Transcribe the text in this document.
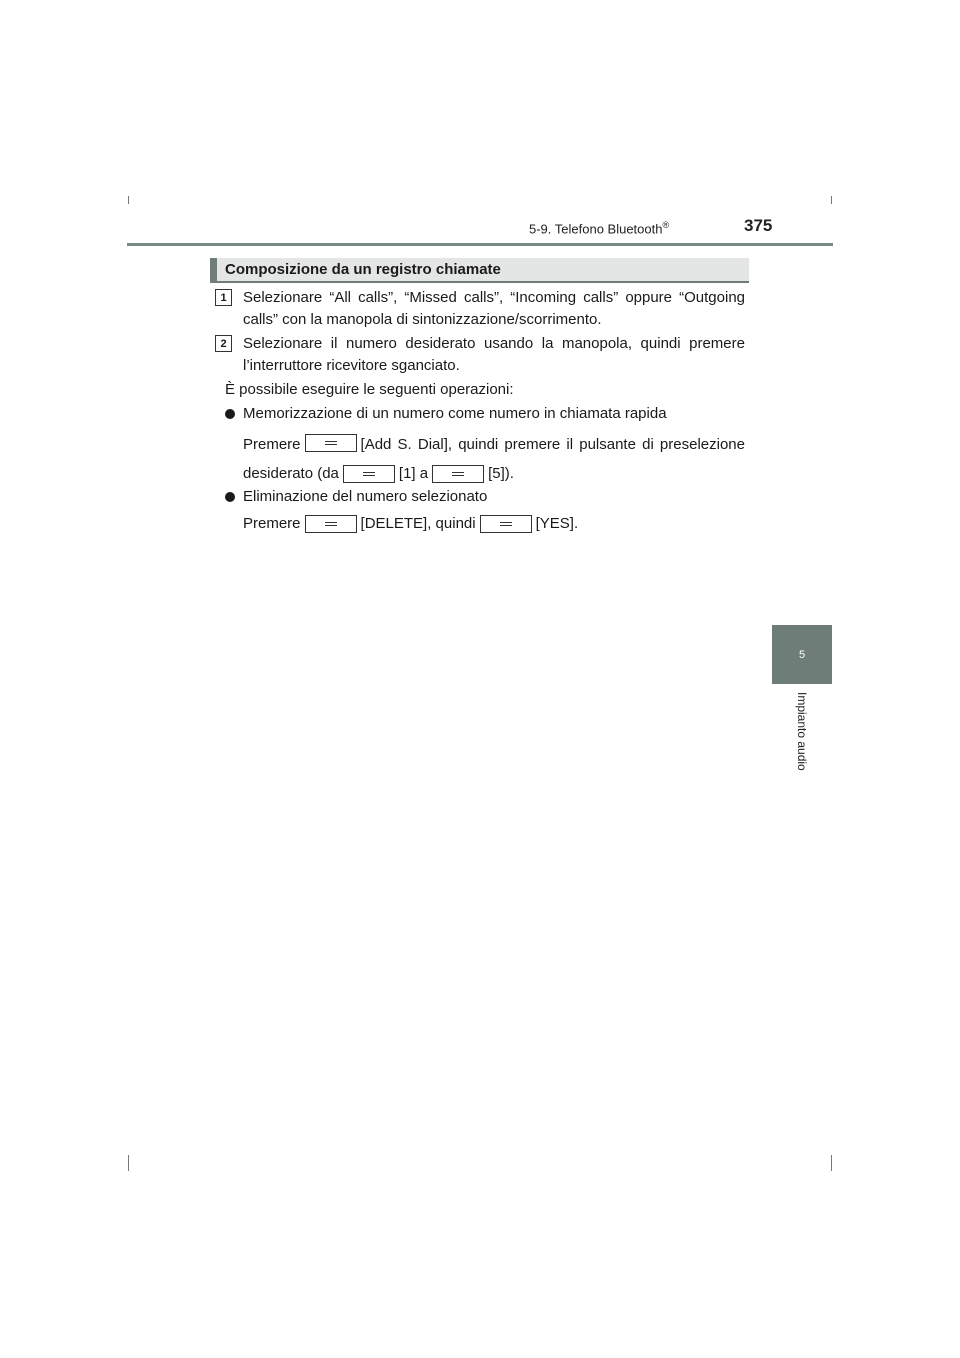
5-9. Telefono Bluetooth®	375
5
Impianto audio
Composizione da un registro chiamate
1 Selezionare “All calls”, “Missed calls”, “Incoming calls” oppure “Outgoing calls” con la manopola di sintonizzazione/scorrimento.
2 Selezionare il numero desiderato usando la manopola, quindi premere l’interruttore ricevitore sganciato.
È possibile eseguire le seguenti operazioni:
Memorizzazione di un numero come numero in chiamata rapida
Premere	[Add S. Dial], quindi premere il pulsante di preselezione
desiderato (da	[1] a	[5]).
Eliminazione del numero selezionato
Premere	[DELETE], quindi	[YES].
